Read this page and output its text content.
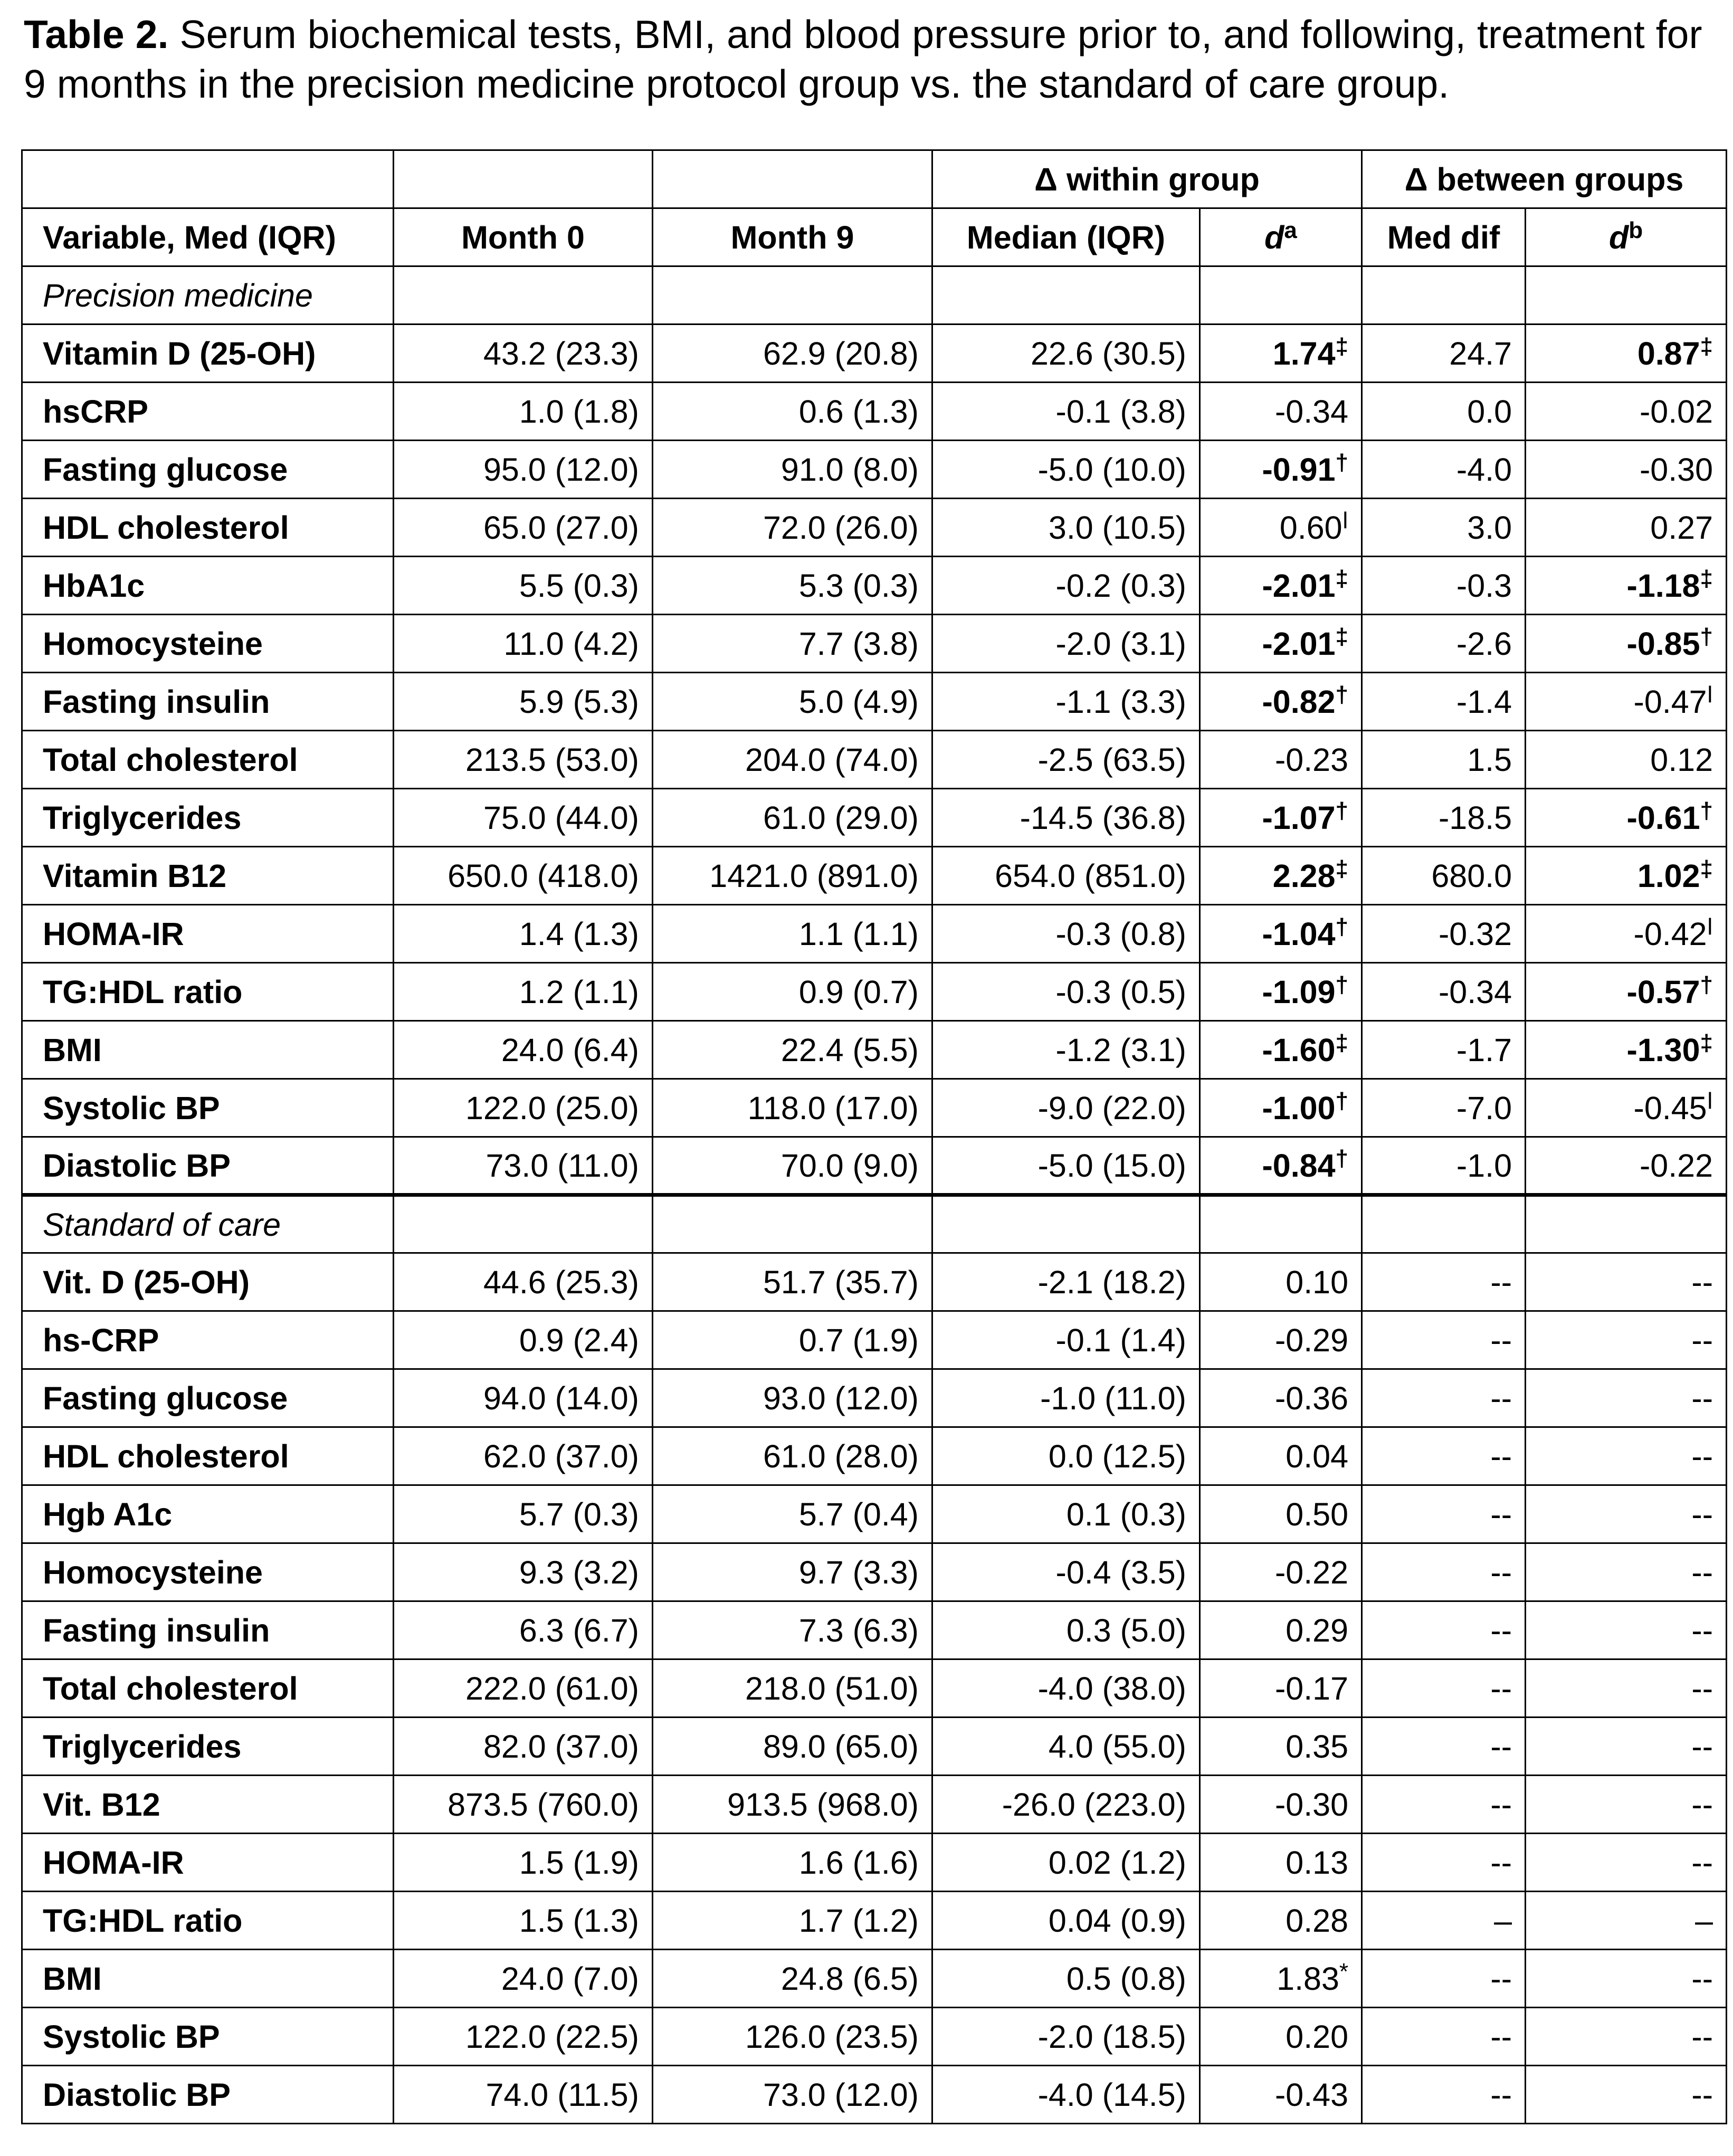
Table 2. Serum biochemical tests, BMI, and blood pressure prior to, and following, treatment for 9 months in the precision medicine protocol group vs. the standard of care group.
			Δ within group		Δ between groups	
Variable, Med (IQR)	Month 0	Month 9	Median (IQR)	$d^a$	Med dif	$d^b$
Precision medicine						
Vitamin D (25-OH)	43.2 (23.3)	62.9 (20.8)	22.6 (30.5)	1.74‡	24.7	0.87‡
hsCRP	1.0 (1.8)	0.6 (1.3)	-0.1 (3.8)	-0.34	0.0	-0.02
Fasting glucose	95.0 (12.0)	91.0 (8.0)	-5.0 (10.0)	-0.91†	-4.0	-0.30
HDL cholesterol	65.0 (27.0)	72.0 (26.0)	3.0 (10.5)	$0.60^ǀ$	3.0	0.27
HbA1c	5.5 (0.3)	5.3 (0.3)	-0.2 (0.3)	-2.01‡	-0.3	-1.18‡
Homocysteine	11.0 (4.2)	7.7 (3.8)	-2.0 (3.1)	-2.01‡	-2.6	-0.85†
Fasting insulin	5.9 (5.3)	5.0 (4.9)	-1.1 (3.3)	-0.82†	-1.4	$-0.47^ǀ$
Total cholesterol	213.5 (53.0)	204.0 (74.0)	-2.5 (63.5)	-0.23	1.5	0.12
Triglycerides	75.0 (44.0)	61.0 (29.0)	-14.5 (36.8)	-1.07†	-18.5	-0.61†
Vitamin B12	650.0 (418.0)	1421.0 (891.0)	654.0 (851.0)	2.28‡	680.0	1.02‡
HOMA-IR	1.4 (1.3)	1.1 (1.1)	-0.3 (0.8)	-1.04†	-0.32	$-0.42^ǀ$
TG:HDL ratio	1.2 (1.1)	0.9 (0.7)	-0.3 (0.5)	-1.09†	-0.34	-0.57†
BMI	24.0 (6.4)	22.4 (5.5)	-1.2 (3.1)	-1.60‡	-1.7	-1.30‡
Systolic BP	122.0 (25.0)	118.0 (17.0)	-9.0 (22.0)	-1.00†	-7.0	$-0.45^ǀ$
Diastolic BP	73.0 (11.0)	70.0 (9.0)	-5.0 (15.0)	-0.84†	-1.0	-0.22
Standard of care						
Vit. D (25-OH)	44.6 (25.3)	51.7 (35.7)	-2.1 (18.2)	0.10	--	--
hs-CRP	0.9 (2.4)	0.7 (1.9)	-0.1 (1.4)	-0.29	--	--
Fasting glucose	94.0 (14.0)	93.0 (12.0)	-1.0 (11.0)	-0.36	--	--
HDL cholesterol	62.0 (37.0)	61.0 (28.0)	0.0 (12.5)	0.04	--	--
Hgb A1c	5.7 (0.3)	5.7 (0.4)	0.1 (0.3)	0.50	--	--
Homocysteine	9.3 (3.2)	9.7 (3.3)	-0.4 (3.5)	-0.22	--	--
Fasting insulin	6.3 (6.7)	7.3 (6.3)	0.3 (5.0)	0.29	--	--
Total cholesterol	222.0 (61.0)	218.0 (51.0)	-4.0 (38.0)	-0.17	--	--
Triglycerides	82.0 (37.0)	89.0 (65.0)	4.0 (55.0)	0.35	--	--
Vit. B12	873.5 (760.0)	913.5 (968.0)	-26.0 (223.0)	-0.30	--	--
HOMA-IR	1.5 (1.9)	1.6 (1.6)	0.02 (1.2)	0.13	--	--
TG:HDL ratio	1.5 (1.3)	1.7 (1.2)	0.04 (0.9)	0.28	–	–
BMI	24.0 (7.0)	24.8 (6.5)	0.5 (0.8)	1.83*	--	--
Systolic BP	122.0 (22.5)	126.0 (23.5)	-2.0 (18.5)	0.20	--	--
Diastolic BP	74.0 (11.5)	73.0 (12.0)	-4.0 (14.5)	-0.43	--	--
